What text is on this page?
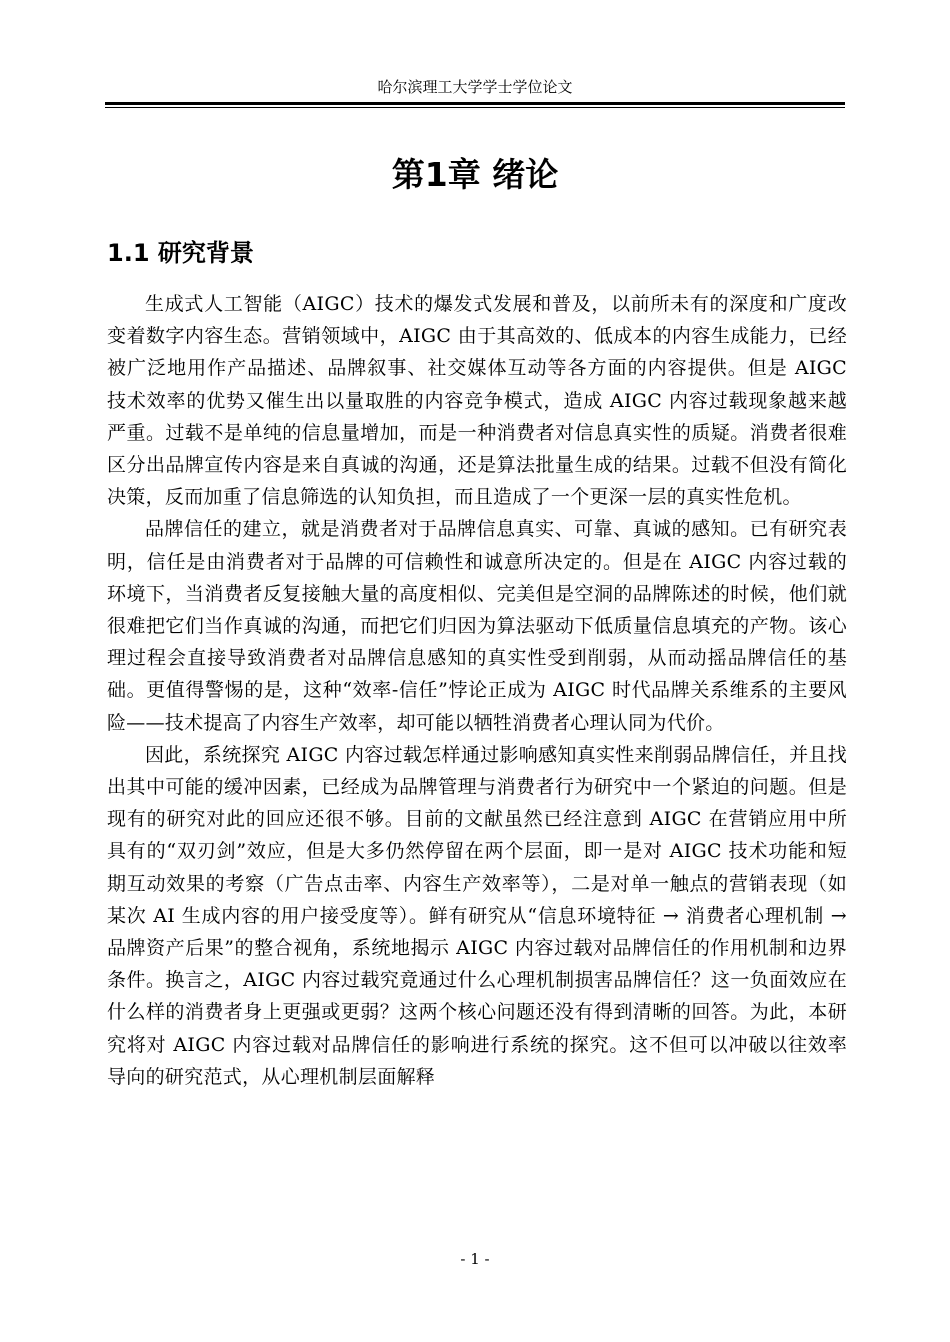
哈尔滨理工大学学士学位论文
第1章 绪论
1.1 研究背景

生成式人工智能（AIGC）技术的爆发式发展和普及，以前所未有的深度和广度改变着数字内容生态。营销领域中，AIGC 由于其高效的、低成本的内容生成能力，已经被广泛地用作产品描述、品牌叙事、社交媒体互动等各方面的内容提供。但是 AIGC 技术效率的优势又催生出以量取胜的内容竞争模式，造成 AIGC 内容过载现象越来越严重。过载不是单纯的信息量增加，而是一种消费者对信息真实性的质疑。消费者很难区分出品牌宣传内容是来自真诚的沟通，还是算法批量生成的结果。过载不但没有简化决策，反而加重了信息筛选的认知负担，而且造成了一个更深一层的真实性危机。

品牌信任的建立，就是消费者对于品牌信息真实、可靠、真诚的感知。已有研究表明，信任是由消费者对于品牌的可信赖性和诚意所决定的。但是在 AIGC 内容过载的环境下，当消费者反复接触大量的高度相似、完美但是空洞的品牌陈述的时候，他们就很难把它们当作真诚的沟通，而把它们归因为算法驱动下低质量信息填充的产物。该心理过程会直接导致消费者对品牌信息感知的真实性受到削弱，从而动摇品牌信任的基础。更值得警惕的是，这种“效率-信任”悖论正成为 AIGC 时代品牌关系维系的主要风险——技术提高了内容生产效率，却可能以牺牲消费者心理认同为代价。

因此，系统探究 AIGC 内容过载怎样通过影响感知真实性来削弱品牌信任，并且找出其中可能的缓冲因素，已经成为品牌管理与消费者行为研究中一个紧迫的问题。但是现有的研究对此的回应还很不够。目前的文献虽然已经注意到 AIGC 在营销应用中所具有的“双刃剑”效应，但是大多仍然停留在两个层面，即一是对 AIGC 技术功能和短期互动效果的考察（广告点击率、内容生产效率等），二是对单一触点的营销表现（如某次 AI 生成内容的用户接受度等）。鲜有研究从“信息环境特征 → 消费者心理机制 → 品牌资产后果”的整合视角，系统地揭示 AIGC 内容过载对品牌信任的作用机制和边界条件。换言之，AIGC 内容过载究竟通过什么心理机制损害品牌信任？这一负面效应在什么样的消费者身上更强或更弱？这两个核心问题还没有得到清晰的回答。为此，本研究将对 AIGC 内容过载对品牌信任的影响进行系统的探究。这不但可以冲破以往效率导向的研究范式，从心理机制层面解释

- 1 -
